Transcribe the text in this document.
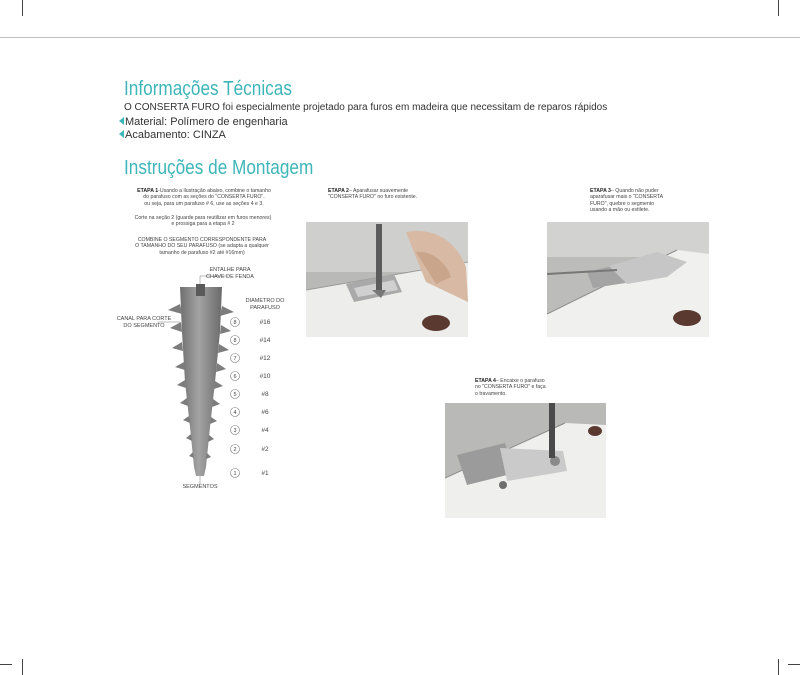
Informações Técnicas
O CONSERTA FURO foi especialmente projetado para furos em madeira que necessitam de reparos rápidos
Material: Polímero de engenharia
Acabamento: CINZA
Instruções de Montagem
ETAPA 1-Usando a ilustração abaixo, combine o tamanho
do parafuso com as seções do "CONSERTA FURO".
ou seja, para um parafuso # 6, use as seções 4 e 3.
Corte na seção 2 (guarde para reutilizar em furos menores)
e prossiga para a etapa # 2
COMBINE O SEGMENTO CORRESPONDENTE PARA
O TAMANHO DO SEU PARAFUSO (se adapta a qualquer
tamanho de parafuso #2 até #16mm)
8
8
7
6
5
4
3
2
1
#16
#14
#12
#10
#8
#6
#4
#2
#1
ENTALHE PARA
CHAVE DE FENDA
DIAMETRO DO
PARAFUSO
CANAL PARA CORTE
DO SEGMENTO
SEGMENTOS
ETAPA 2– Aparafusar suavemente
"CONSERTA FURO" no furo existente.
ETAPA 3– Quando não puder
aparafusar mais o "CONSERTA
FURO", quebre o segmento
usando a mão ou estilete.
ETAPA 4– Encaixe o parafuso
no "CONSERTA FURO" e faça
o travamento.
